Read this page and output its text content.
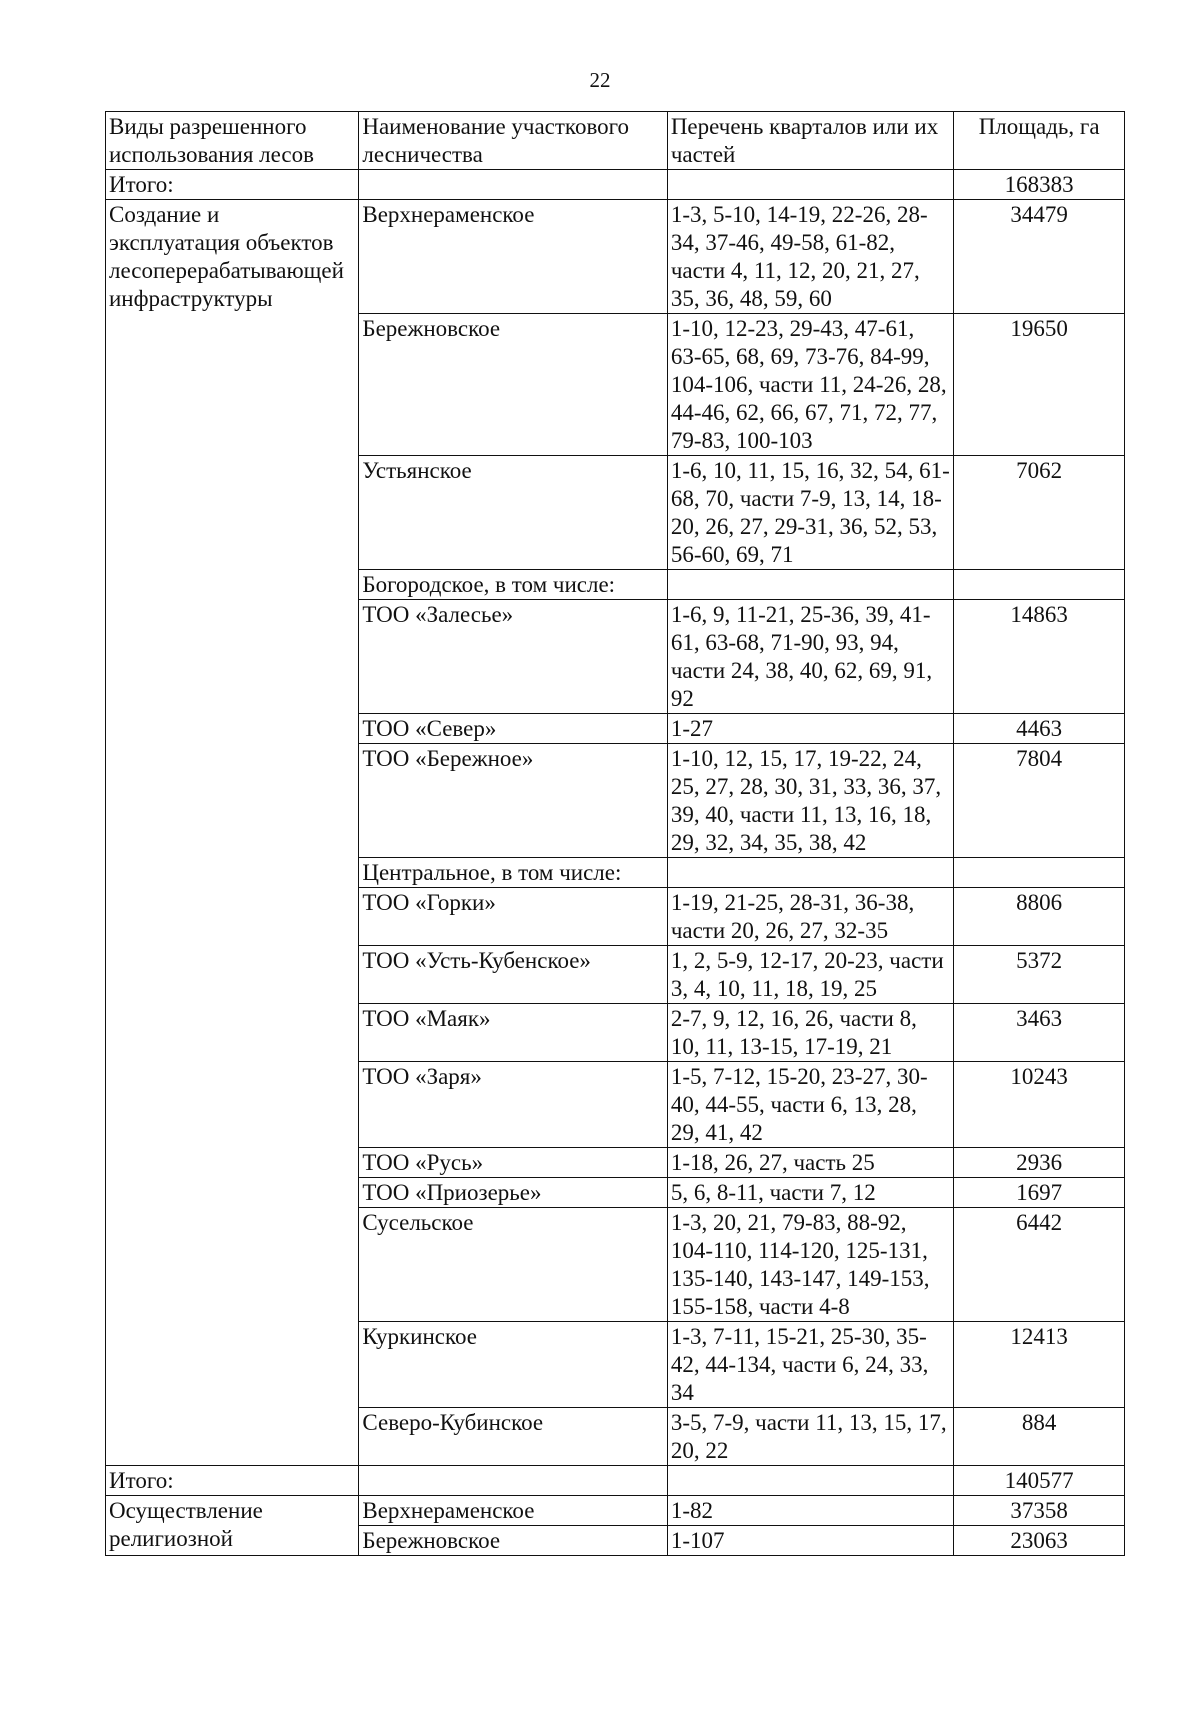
22
Виды разрешенного использования лесов	Наименование участкового лесничества	Перечень кварталов или их частей	Площадь, га
Итого:			168383
Создание и эксплуатация объектов лесоперерабатывающей инфраструктуры	Верхнераменское	1-3, 5-10, 14-19, 22-26, 28-34, 37-46, 49-58, 61-82, части 4, 11, 12, 20, 21, 27, 35, 36, 48, 59, 60	34479
	Бережновское	1-10, 12-23, 29-43, 47-61, 63-65, 68, 69, 73-76, 84-99, 104-106, части 11, 24-26, 28, 44-46, 62, 66, 67, 71, 72, 77, 79-83, 100-103	19650
	Устьянское	1-6, 10, 11, 15, 16, 32, 54, 61-68, 70, части 7-9, 13, 14, 18-20, 26, 27, 29-31, 36, 52, 53, 56-60, 69, 71	7062
	Богородское, в том числе:		
	ТОО «Залесье»	1-6, 9, 11-21, 25-36, 39, 41-61, 63-68, 71-90, 93, 94, части 24, 38, 40, 62, 69, 91, 92	14863
	ТОО «Север»	1-27	4463
	ТОО «Бережное»	1-10, 12, 15, 17, 19-22, 24, 25, 27, 28, 30, 31, 33, 36, 37, 39, 40, части 11, 13, 16, 18, 29, 32, 34, 35, 38, 42	7804
	Центральное, в том числе:		
	ТОО «Горки»	1-19, 21-25, 28-31, 36-38, части 20, 26, 27, 32-35	8806
	ТОО «Усть-Кубенское»	1, 2, 5-9, 12-17, 20-23, части 3, 4, 10, 11, 18, 19, 25	5372
	ТОО «Маяк»	2-7, 9, 12, 16, 26, части 8, 10, 11, 13-15, 17-19, 21	3463
	ТОО «Заря»	1-5, 7-12, 15-20, 23-27, 30-40, 44-55, части 6, 13, 28, 29, 41, 42	10243
	ТОО «Русь»	1-18, 26, 27, часть 25	2936
	ТОО «Приозерье»	5, 6, 8-11, части 7, 12	1697
	Сусельское	1-3, 20, 21, 79-83, 88-92, 104-110, 114-120, 125-131, 135-140, 143-147, 149-153, 155-158, части 4-8	6442
	Куркинское	1-3, 7-11, 15-21, 25-30, 35-42, 44-134, части 6, 24, 33, 34	12413
	Северо-Кубинское	3-5, 7-9, части 11, 13, 15, 17, 20, 22	884
Итого:			140577
Осуществление религиозной	Верхнераменское	1-82	37358
	Бережновское	1-107	23063
